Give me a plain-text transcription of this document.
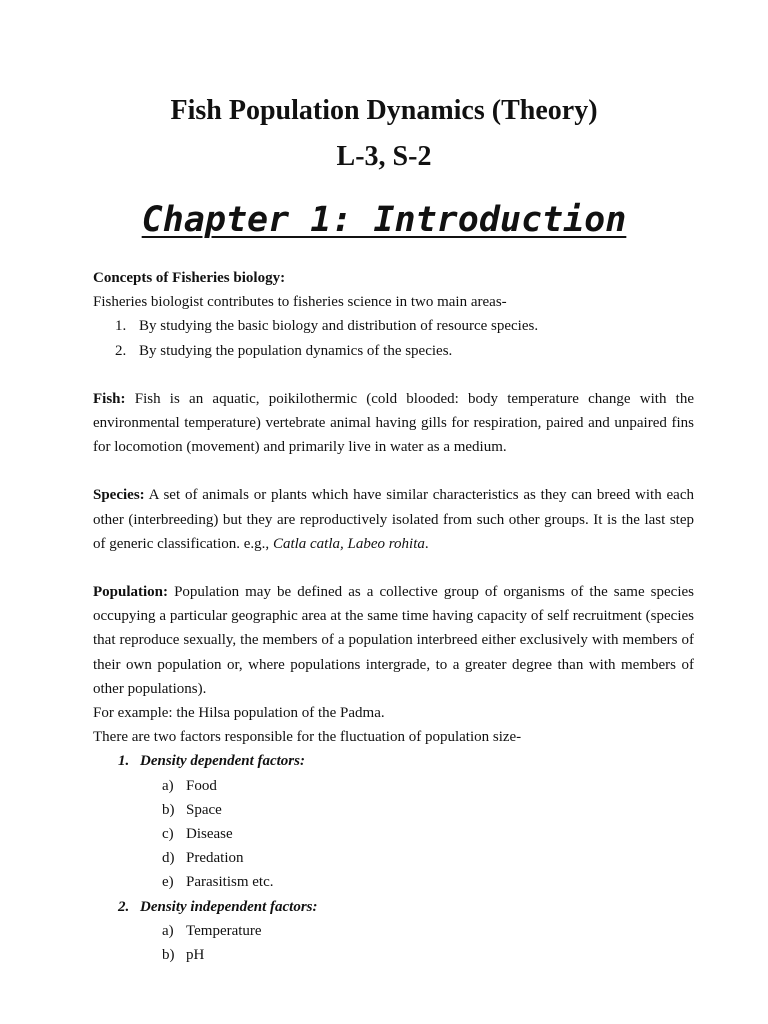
Fish Population Dynamics (Theory)
L-3, S-2
Chapter 1: Introduction

Concepts of Fisheries biology:

Fisheries biologist contributes to fisheries science in two main areas-

1. By studying the basic biology and distribution of resource species.

2. By studying the population dynamics of the species.

Fish: Fish is an aquatic, poikilothermic (cold blooded: body temperature change with the environmental temperature) vertebrate animal having gills for respiration, paired and unpaired fins for locomotion (movement) and primarily live in water as a medium.

Species: A set of animals or plants which have similar characteristics as they can breed with each other (interbreeding) but they are reproductively isolated from such other groups. It is the last step of generic classification. e.g., Catla catla, Labeo rohita.

Population: Population may be defined as a collective group of organisms of the same species occupying a particular geographic area at the same time having capacity of self recruitment (species that reproduce sexually, the members of a population interbreed either exclusively with members of their own population or, where populations intergrade, to a greater degree than with members of other populations).

For example: the Hilsa population of the Padma.

There are two factors responsible for the fluctuation of population size-

1. Density dependent factors:

a) Food

b) Space

c) Disease

d) Predation

e) Parasitism etc.

2. Density independent factors:

a) Temperature

b) pH
